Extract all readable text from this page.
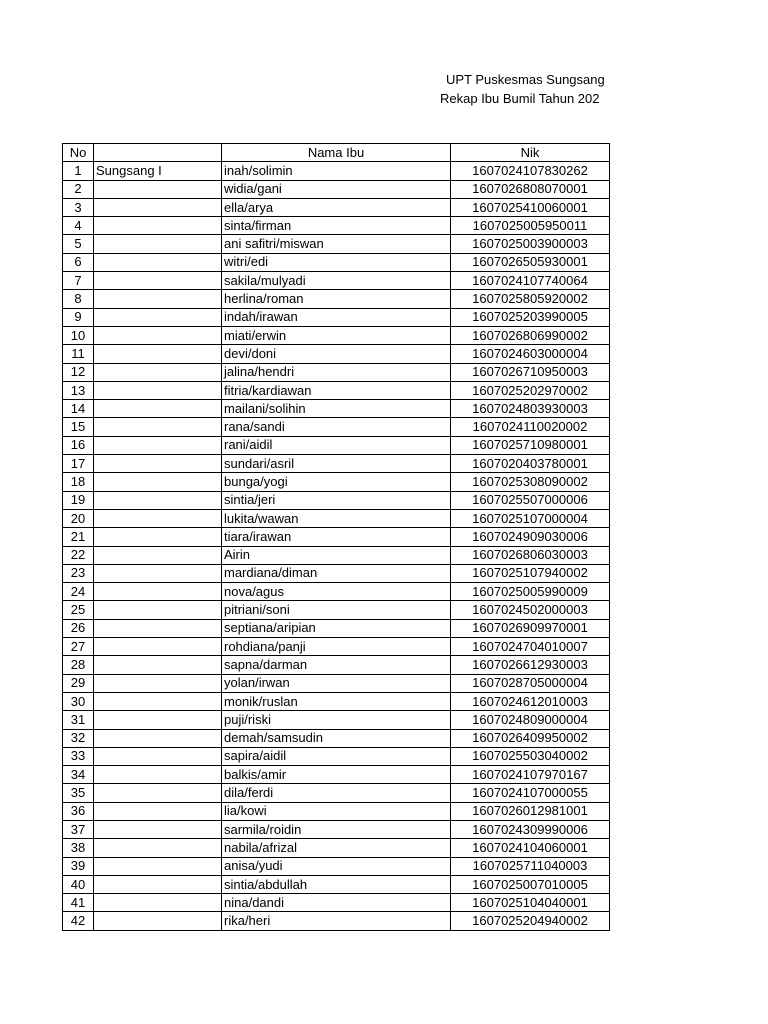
UPT Puskesmas Sungsang
Rekap Ibu Bumil Tahun 202
No		Nama Ibu	Nik
1	Sungsang I	inah/solimin	1607024107830262
2		widia/gani	1607026808070001
3		ella/arya	1607025410060001
4		sinta/firman	1607025005950011
5		ani safitri/miswan	1607025003900003
6		witri/edi	1607026505930001
7		sakila/mulyadi	1607024107740064
8		herlina/roman	1607025805920002
9		indah/irawan	1607025203990005
10		miati/erwin	1607026806990002
11		devi/doni	1607024603000004
12		jalina/hendri	1607026710950003
13		fitria/kardiawan	1607025202970002
14		mailani/solihin	1607024803930003
15		rana/sandi	1607024110020002
16		rani/aidil	1607025710980001
17		sundari/asril	1607020403780001
18		bunga/yogi	1607025308090002
19		sintia/jeri	1607025507000006
20		lukita/wawan	1607025107000004
21		tiara/irawan	1607024909030006
22		Airin	1607026806030003
23		mardiana/diman	1607025107940002
24		nova/agus	1607025005990009
25		pitriani/soni	1607024502000003
26		septiana/aripian	1607026909970001
27		rohdiana/panji	1607024704010007
28		sapna/darman	1607026612930003
29		yolan/irwan	1607028705000004
30		monik/ruslan	1607024612010003
31		puji/riski	1607024809000004
32		demah/samsudin	1607026409950002
33		sapira/aidil	1607025503040002
34		balkis/amir	1607024107970167
35		dila/ferdi	1607024107000055
36		lia/kowi	1607026012981001
37		sarmila/roidin	1607024309990006
38		nabila/afrizal	1607024104060001
39		anisa/yudi	1607025711040003
40		sintia/abdullah	1607025007010005
41		nina/dandi	1607025104040001
42		rika/heri	1607025204940002
